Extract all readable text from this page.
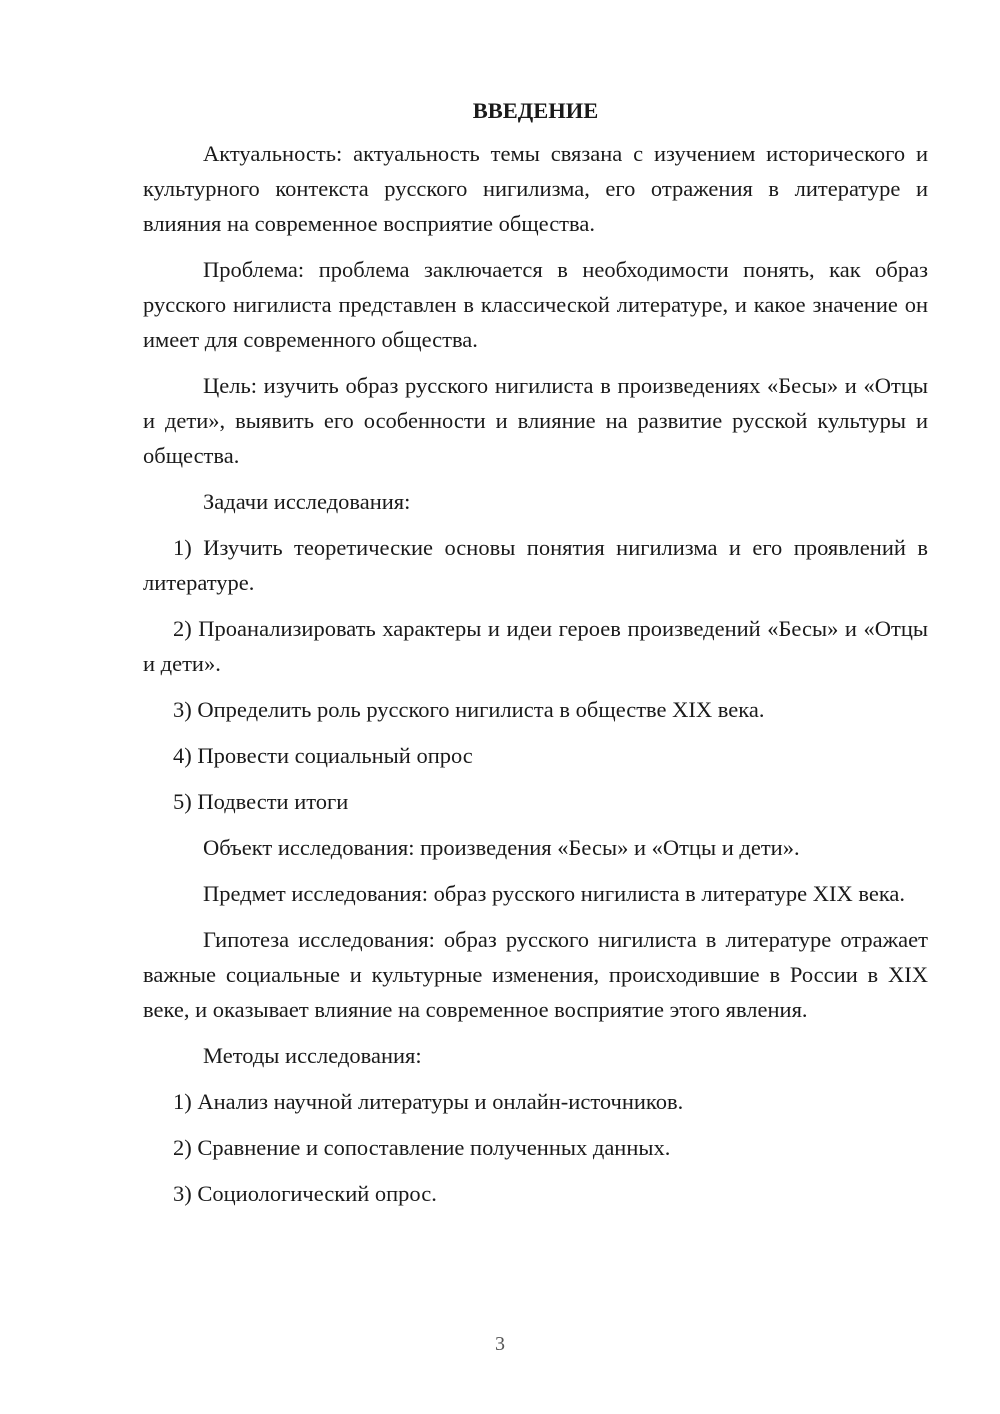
ВВЕДЕНИЕ

Актуальность: актуальность темы связана с изучением исторического и культурного контекста русского нигилизма, его отражения в литературе и влияния на современное восприятие общества.

Проблема: проблема заключается в необходимости понять, как образ русского нигилиста представлен в классической литературе, и какое значение он имеет для современного общества.

Цель: изучить образ русского нигилиста в произведениях «Бесы» и «Отцы и дети», выявить его особенности и влияние на развитие русской культуры и общества.

Задачи исследования:

1) Изучить теоретические основы понятия нигилизма и его проявлений в литературе.

2) Проанализировать характеры и идеи героев произведений «Бесы» и «Отцы и дети».

3) Определить роль русского нигилиста в обществе XIX века.

4) Провести социальный опрос

5) Подвести итоги

Объект исследования: произведения «Бесы» и «Отцы и дети».

Предмет исследования: образ русского нигилиста в литературе XIX века.

Гипотеза исследования: образ русского нигилиста в литературе отражает важные социальные и культурные изменения, происходившие в России в XIX веке, и оказывает влияние на современное восприятие этого явления.

Методы исследования:

1) Анализ научной литературы и онлайн-источников.

2) Сравнение и сопоставление полученных данных.

3) Социологический опрос.

3
